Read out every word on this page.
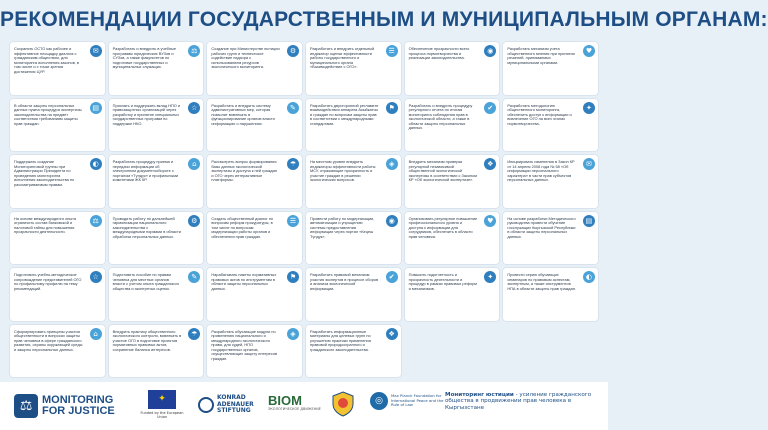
РЕКОМЕНДАЦИИ ГОСУДАРСТВЕННЫМ И МУНИЦИПАЛЬНЫМ ОРГАНАМ:
Сохранять ОСТО как рабочее и эффективное площадку диалога с гражданским обществом, для мониторинга исполнения законов, в том числе и с точки зрения достижения ЦУР.
✉	Разработать и внедрить в учебные программы юридических ВУЗов и СУЗов, а также факультетов по подготовке государственных и муниципальных служащих.
⚖	Создание при Министерстве юстиции рабочих групп и техническое содействие надзора с использованием ресурсов экологического мониторинга.
⚙	Разработать и внедрить отдельный индикатор оценки эффективности работы государственного и муниципального органа «Взаимодействие с ОГО».
☰	Обеспечение прозрачности всего процесса нормотворчества и реализации законодательства.
◉	Разработать механизм учета общественного мнения при принятии решений, принимаемых муниципальными органами.
♥
В области защиты персональных данных нужна процедура экспертизы законодательства на предмет соответствия требованиям защиты прав граждан.
▤	Признать и поддержать вклад НПО и правозащитных организаций через разработку и принятие специальных государственных программ по поддержке НКО.
☆	Разработать и внедрить систему административных мер, которая позволит вовлекать в функционирование органов власти информацию о нарушениях.
✎	Разработать двусторонний регламент взаимодействия аппарата Акыйкатчы и граждан по вопросам защиты прав в соответствии с международными стандартами.
⚑	Разработать и внедрить процедуру регулярного отчета по итогам мониторинга соблюдения прав в экологической области, а также в области защиты персональных данных.
✔	Разработать методологию общественного мониторинга, обеспечить доступ к информации и вовлечение ОГО на всех этапах нормотворчества.
✦
Поддержать создание Мониторинговой группы при Администрации Президента по проведению мониторинга исполнения законодательства по рассматриваемым правам.
◐	Разработать процедуру приема и передачи информации об электронном документообороте с порталом «Түндүк» и профильными комитетами ЖК КР.
⌂	Рассмотреть вопрос формирования базы данных экологической экспертизы и доступа к ней граждан и ОГО через интерактивные платформы.
☂	На местном уровне внедрить индикаторы эффективности работы МСУ, отражающие прозрачность и участие граждан в решении экологических вопросов.
◈	Внедрить механизм проверки регулярной независимой общественной экологической экспертизы в соответствии с Законом КР «Об экологической экспертизе».
❖	Инициировать изменения в Закон КР от 14 апреля 2008 года № 58 «Об информации персонального характера» в части прав субъектов персональных данных.
✉
На основе международного опыта ограничить состав банковской и налоговой тайны для повышения прозрачности деятельности.
⚖	Проводить работу по дальнейшей гармонизации национального законодательства с международными нормами в области обработки персональных данных.
⚙	Создать общественный диалог по вопросам реформ прокуратуры, в том числе по вопросам модернизации работы органов и обеспечения прав граждан.
☰	Провести работу по модернизации, автоматизации и упрощению системы предоставления информации через портал «Кеңеш Түндүк».
◉	Организовать регулярное повышение профессионального уровня и доступа к информации для сотрудников, обеспечить в области прав человека.
♥	На основе разработки Методического руководства провести обучение госслужащих Кыргызской Республики в области защиты персональных данных.
▤
Подготовить учебно-методическое сопровождение представителей ОГО по профильному профилю на тему рекомендаций.
☆	Подготовить пособие по правам человека для местных органов власти с учетом опыта гражданского общества и экспертных оценок.
✎	Нарабатывать пакеты нормативных правовых актов по инструментам в области защиты персональных данных.
⚑	Разработать правовой механизм участия экспертов в процессе сборов и анализа экологической информации.
✔	Повысить подотчетность и прозрачность деятельности и процедур в рамках правовых реформ и механизмов.
✦	Провести серию обучающих семинаров по правовым аспектам, экспертным, а также инструментов НПА в области защиты прав граждан.
◐
Сформулировать принципы участия общественности в вопросах защиты прав человека в сфере гражданского развития, охраны окружающей среды и защиты персональных данных.
⌂	Внедрить практику общественного экологического контроля, вовлекать в участие ОГО в подготовке проектов нормативных правовых актов, сохранение баланса интересов.
☂	Разработать обучающие модули по применению национального и международного экологического права, для судей, НПО государственных органов, осуществляющих защиту интересов граждан.
◈	Разработать информационные материалы для целевых групп по улучшению практики применения правовой природоохранного и гражданского законодательства.
❖
⚖ MONITORING
FOR JUSTICE
✦
Funded by the European Union
KONRAD
ADENAUER
STIFTUNG
BIOM
ЭКОЛОГИЧЕСКОЕ ДВИЖЕНИЕ
◎
Max Planck Foundation for International Peace and the Rule of Law
Мониторинг юстиции - усиление гражданского общества в продвижении прав человека в Кыргызстане
